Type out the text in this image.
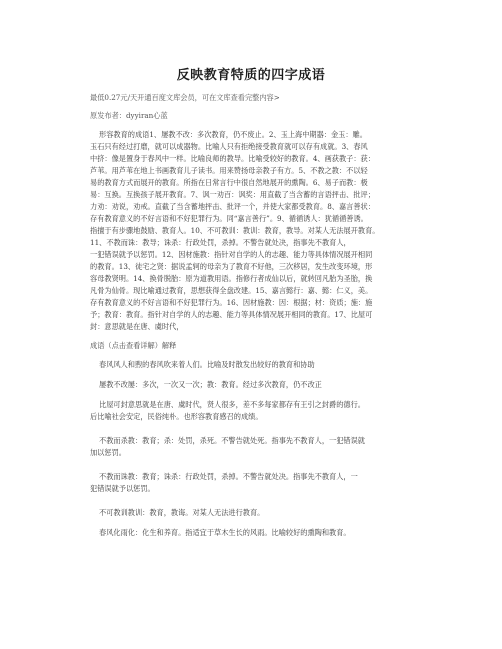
反映教育特质的四字成语
最低0.27元/天开通百度文库会员，可在文库查看完整内容>
原发布者：dyyiran心蓝
形容教育的成语1、屡教不改：多次教育，仍不废止。2、玉上海中期器：金玉：雕。
玉石只有经过打磨，就可以成器物。比喻人只有拒绝接受教育就可以存有成就。3、春风
中挤：像是置身于春风中一样。比喻良师的教导。比喻受较好的教育。4、画获教子：获：
芦苇。用芦苇在地上书画教育儿子读书。用来赞扬母亲教子有方。5、不教之教：不以轻
易的教育方式而展开的教育。所指在日常言行中很自然地展开的熏陶。6、易子而教：极
易：互换。互换孩子展开教育。7、讽一劝百：讽奖：用直截了当含蓄的言语抨击、批评；
力劝：劝说，劝戒。直截了当含蓄地抨击、批评一个，并使大家都受教育。8、嘉言善状：
存有教育意义的不好言语和不好犯罪行为。同“嘉言善行”。9、循循诱人：犹循循善诱。
指擅于有步骤地鼓励、教育人。10、不可教训：教训：教育，教导。对某人无法展开教育。
11、不教而诛：教导；诛杀：行政处罚，杀掉。不警告就处决，指事先不教育人，
一犯错误就予以惩罚。12、因材施教：指针对自学的人的志趣、能力等具体情况展开相同
的教育。13、徒宅之贤：据说孟轲的母亲为了教育不好他，三次移居，发生改变环境，形
容母教贤明。14、换骨脱胎：原为道教用语。指修行者成仙以后，就转回凡胎为圣胎，换
凡骨为仙骨。现比喻通过教育，思想获得全盘改建。15、嘉言懿行：嘉、懿：仁义，美。
存有教育意义的不好言语和不好犯罪行为。16、因材施教：因：根据；材：资质；施：施
予；教育：教育。指针对自学的人的志趣、能力等具体情况展开相同的教育。17、比屋可
封：意思就是在唐、虞时代，
成语（点击查看详解）解释
春风风人和煦的春风吹来着人们。比喻及时散发出较好的教育和协助
屡教不改屡：多次，一次又一次；教：教育。经过多次教育，仍不改正
比屋可封意思就是在唐、虞时代，贤人很多，差不多每家都存有王引之封爵的德行。
后比喻社会安定，民俗纯朴。也形容教育感召的成绩。
不教而杀教：教育；杀：处罚，杀死。不警告就处死。指事先不教育人，一犯错误就
加以惩罚。
不教而诛教：教育；诛杀：行政处罚，杀掉。不警告就处决。指事先不教育人，一
犯错误就予以惩罚。
不可教训教训：教育，教诲。对某人无法进行教育。
春风化雨化：化生和养育。指适宜于草木生长的风雨。比喻较好的熏陶和教育。
